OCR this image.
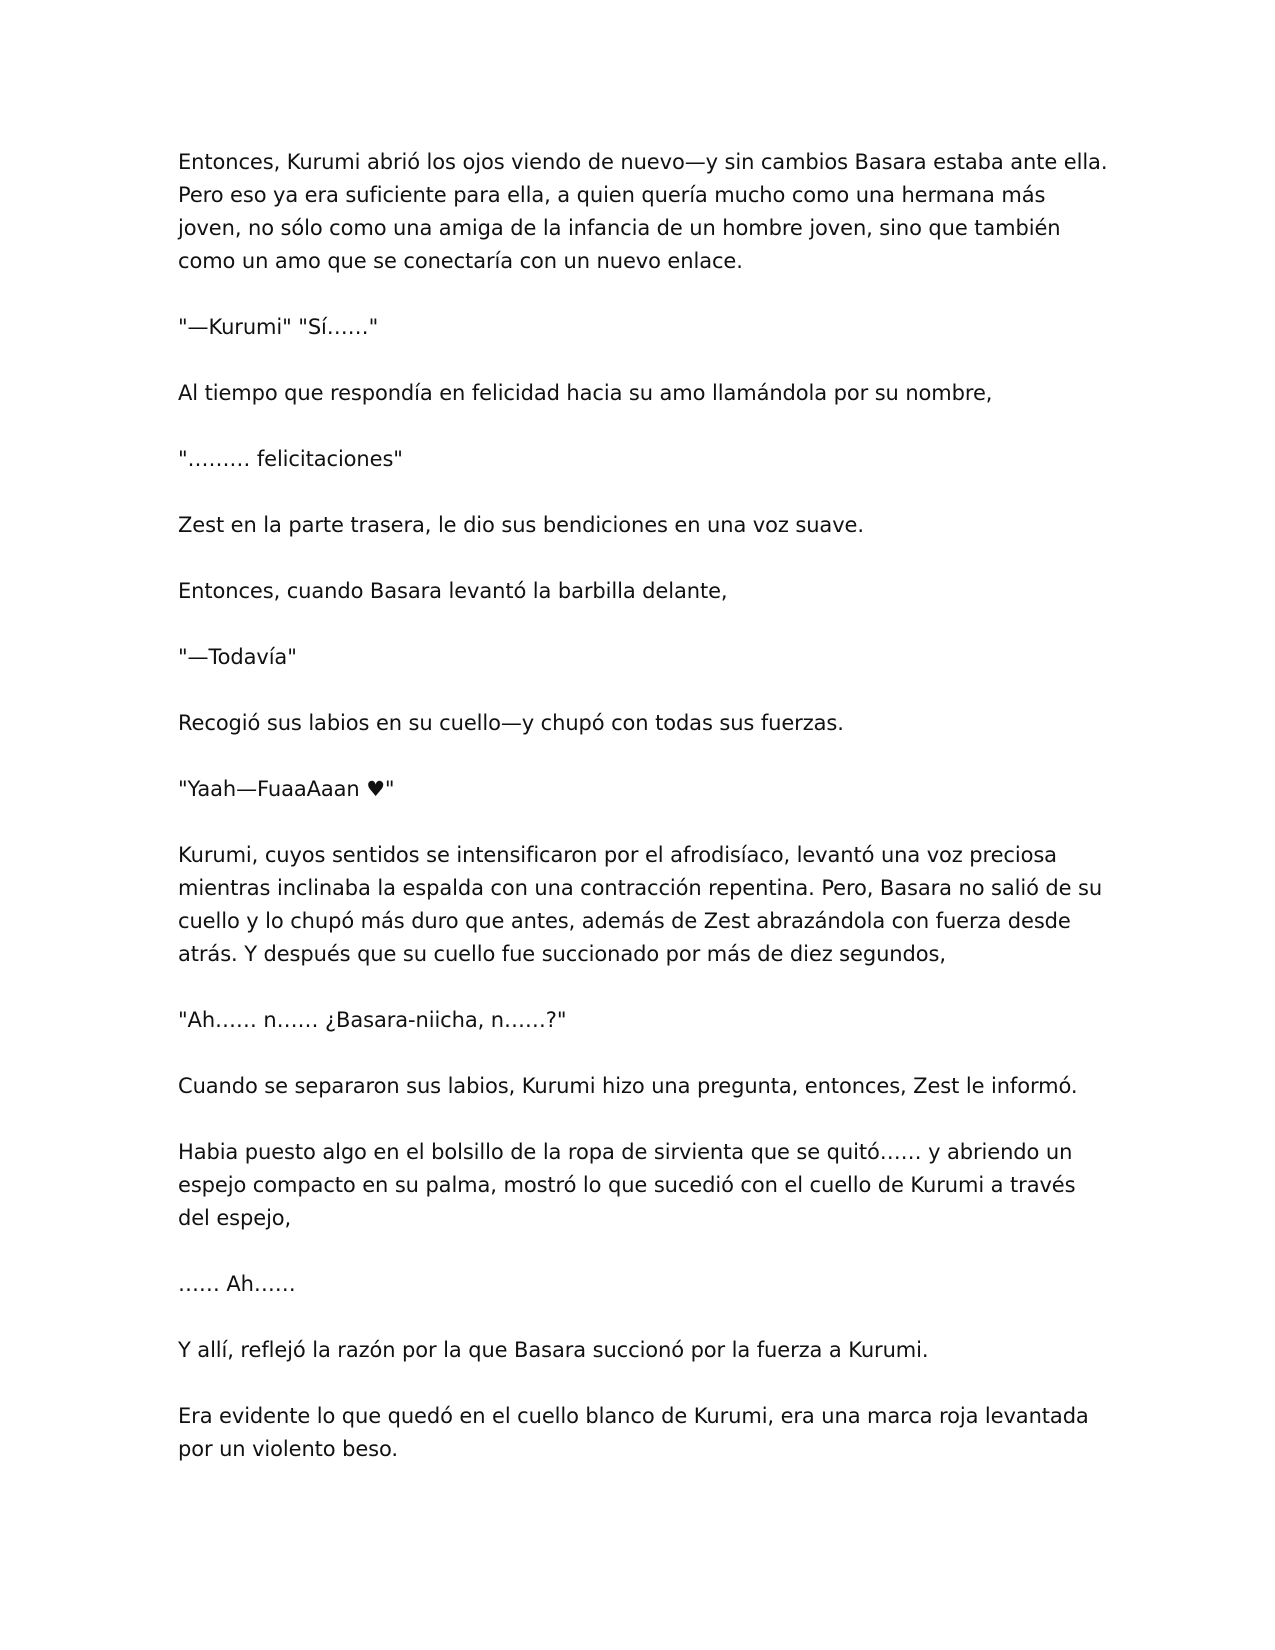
Entonces, Kurumi abrió los ojos viendo de nuevo—y sin cambios Basara estaba ante ella. Pero eso ya era suficiente para ella, a quien quería mucho como una hermana más joven, no sólo como una amiga de la infancia de un hombre joven, sino que también como un amo que se conectaría con un nuevo enlace.

"—Kurumi" "Sí……"

Al tiempo que respondía en felicidad hacia su amo llamándola por su nombre,

"……… felicitaciones"

Zest en la parte trasera, le dio sus bendiciones en una voz suave.

Entonces, cuando Basara levantó la barbilla delante,

"—Todavía"

Recogió sus labios en su cuello—y chupó con todas sus fuerzas.

"Yaah—FuaaAaan ♥"

Kurumi, cuyos sentidos se intensificaron por el afrodisíaco, levantó una voz preciosa mientras inclinaba la espalda con una contracción repentina. Pero, Basara no salió de su cuello y lo chupó más duro que antes, además de Zest abrazándola con fuerza desde atrás. Y después que su cuello fue succionado por más de diez segundos,

"Ah…… n…… ¿Basara-niicha, n……?"

Cuando se separaron sus labios, Kurumi hizo una pregunta, entonces, Zest le informó.

Habia puesto algo en el bolsillo de la ropa de sirvienta que se quitó…… y abriendo un espejo compacto en su palma, mostró lo que sucedió con el cuello de Kurumi a través del espejo,

…… Ah……

Y allí, reflejó la razón por la que Basara succionó por la fuerza a Kurumi.

Era evidente lo que quedó en el cuello blanco de Kurumi, era una marca roja levantada por un violento beso.
